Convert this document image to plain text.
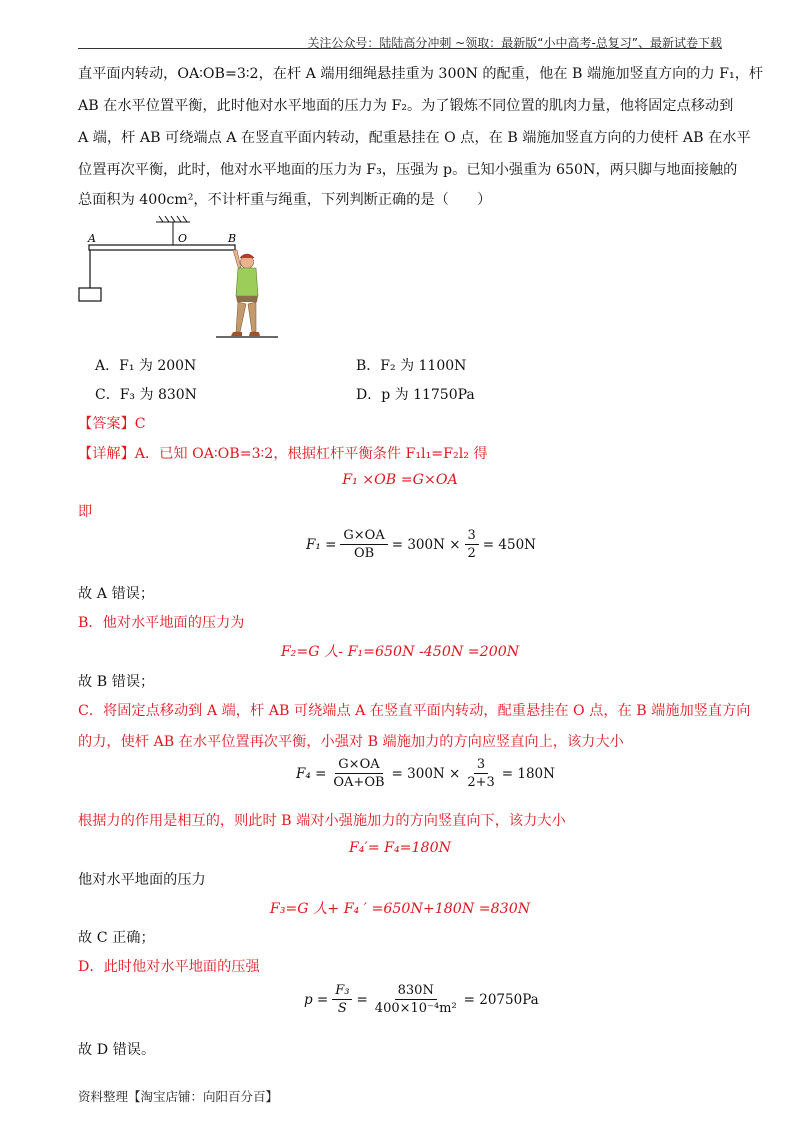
关注公众号：陆陆高分冲刺 ~领取：最新版“小中高考-总复习”、最新试卷下载
直平面内转动，OA∶OB=3∶2，在杆 A 端用细绳悬挂重为 300N 的配重，他在 B 端施加竖直方向的力 F₁，杆
AB 在水平位置平衡，此时他对水平地面的压力为 F₂。为了锻炼不同位置的肌肉力量，他将固定点移动到
A 端，杆 AB 可绕端点 A 在竖直平面内转动，配重悬挂在 O 点，在 B 端施加竖直方向的力使杆 AB 在水平
位置再次平衡，此时，他对水平地面的压力为 F₃，压强为 p。已知小强重为 650N，两只脚与地面接触的
总面积为 400cm²，不计杆重与绳重，下列判断正确的是（　　）
A	O	B
A．F₁ 为 200N	B．F₂ 为 1100N
C．F₃ 为 830N	D．p 为 11750Pa
【答案】C
【详解】A．已知 OA∶OB=3∶2，根据杠杆平衡条件 F₁l₁=F₂l₂ 得
F₁ ×OB =G×OA
即
$F_1 = \frac{G\times OA}{OB} = 300N \times \frac{3}{2} = 450N$
故 A 错误；
B．他对水平地面的压力为
F₂=G 人- F₁=650N -450N =200N
故 B 错误；
C．将固定点移动到 A 端，杆 AB 可绕端点 A 在竖直平面内转动，配重悬挂在 O 点，在 B 端施加竖直方向
的力，使杆 AB 在水平位置再次平衡，小强对 B 端施加力的方向应竖直向上，该力大小
$F_4 = \frac{G\times OA}{OA+OB} = 300N \times \frac{3}{2+3} = 180N$
根据力的作用是相互的，则此时 B 端对小强施加力的方向竖直向下，该力大小
F₄′= F₄=180N
他对水平地面的压力
F₃=G 人+ F₄ ′ =650N+180N =830N
故 C 正确；
D．此时他对水平地面的压强
$p = \frac{\text{F₃}}{S} = \frac{830N}{\text{400×10⁻⁴m²}} = 20750Pa$
故 D 错误。
资料整理【淘宝店铺：向阳百分百】
